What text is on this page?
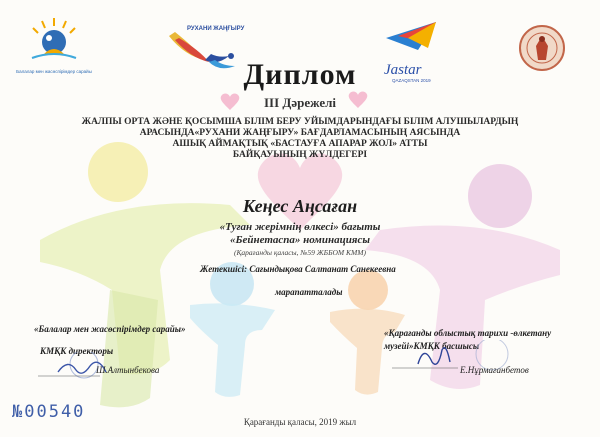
Балалар мен жасөспірімдер сарайы
РУХАНИ ЖАҢҒЫРУ
Jastar
QAZAQSTAN 2019
Диплом
III Дәрежелі
ЖАЛПЫ ОРТА ЖӘНЕ ҚОСЫМША БІЛІМ БЕРУ УЙЫМДАРЫНДАҒЫ БІЛІМ АЛУШЫЛАРДЫҢ
АРАСЫНДА«РУХАНИ ЖАҢҒЫРУ» БАҒДАРЛАМАСЫНЫҢ АЯСЫНДА
АШЫҚ АЙМАҚТЫҚ «БАСТАУҒА АПАРАР ЖОЛ» АТТЫ
БАЙҚАУЫНЫҢ ЖҮЛДЕГЕРІ
Кеңес Аңсаған
«Туған жерімнің өлкесі» бағыты
«Бейнетаспа» номинациясы
(Қарағанды қаласы, №59 ЖББОМ КММ)
Жетекшісі: Сағындықова Салтанат Санекеевна
марапатталады
«Балалар мен жасөспірімдер сарайы»
КМҚК директоры
Ш.Алтынбекова
«Қарағанды облыстық тарихи -өлкетану
музейі»КМҚК басшысы
Е.Нұрмағанбетов
№00540	Қарағанды қаласы, 2019 жыл
